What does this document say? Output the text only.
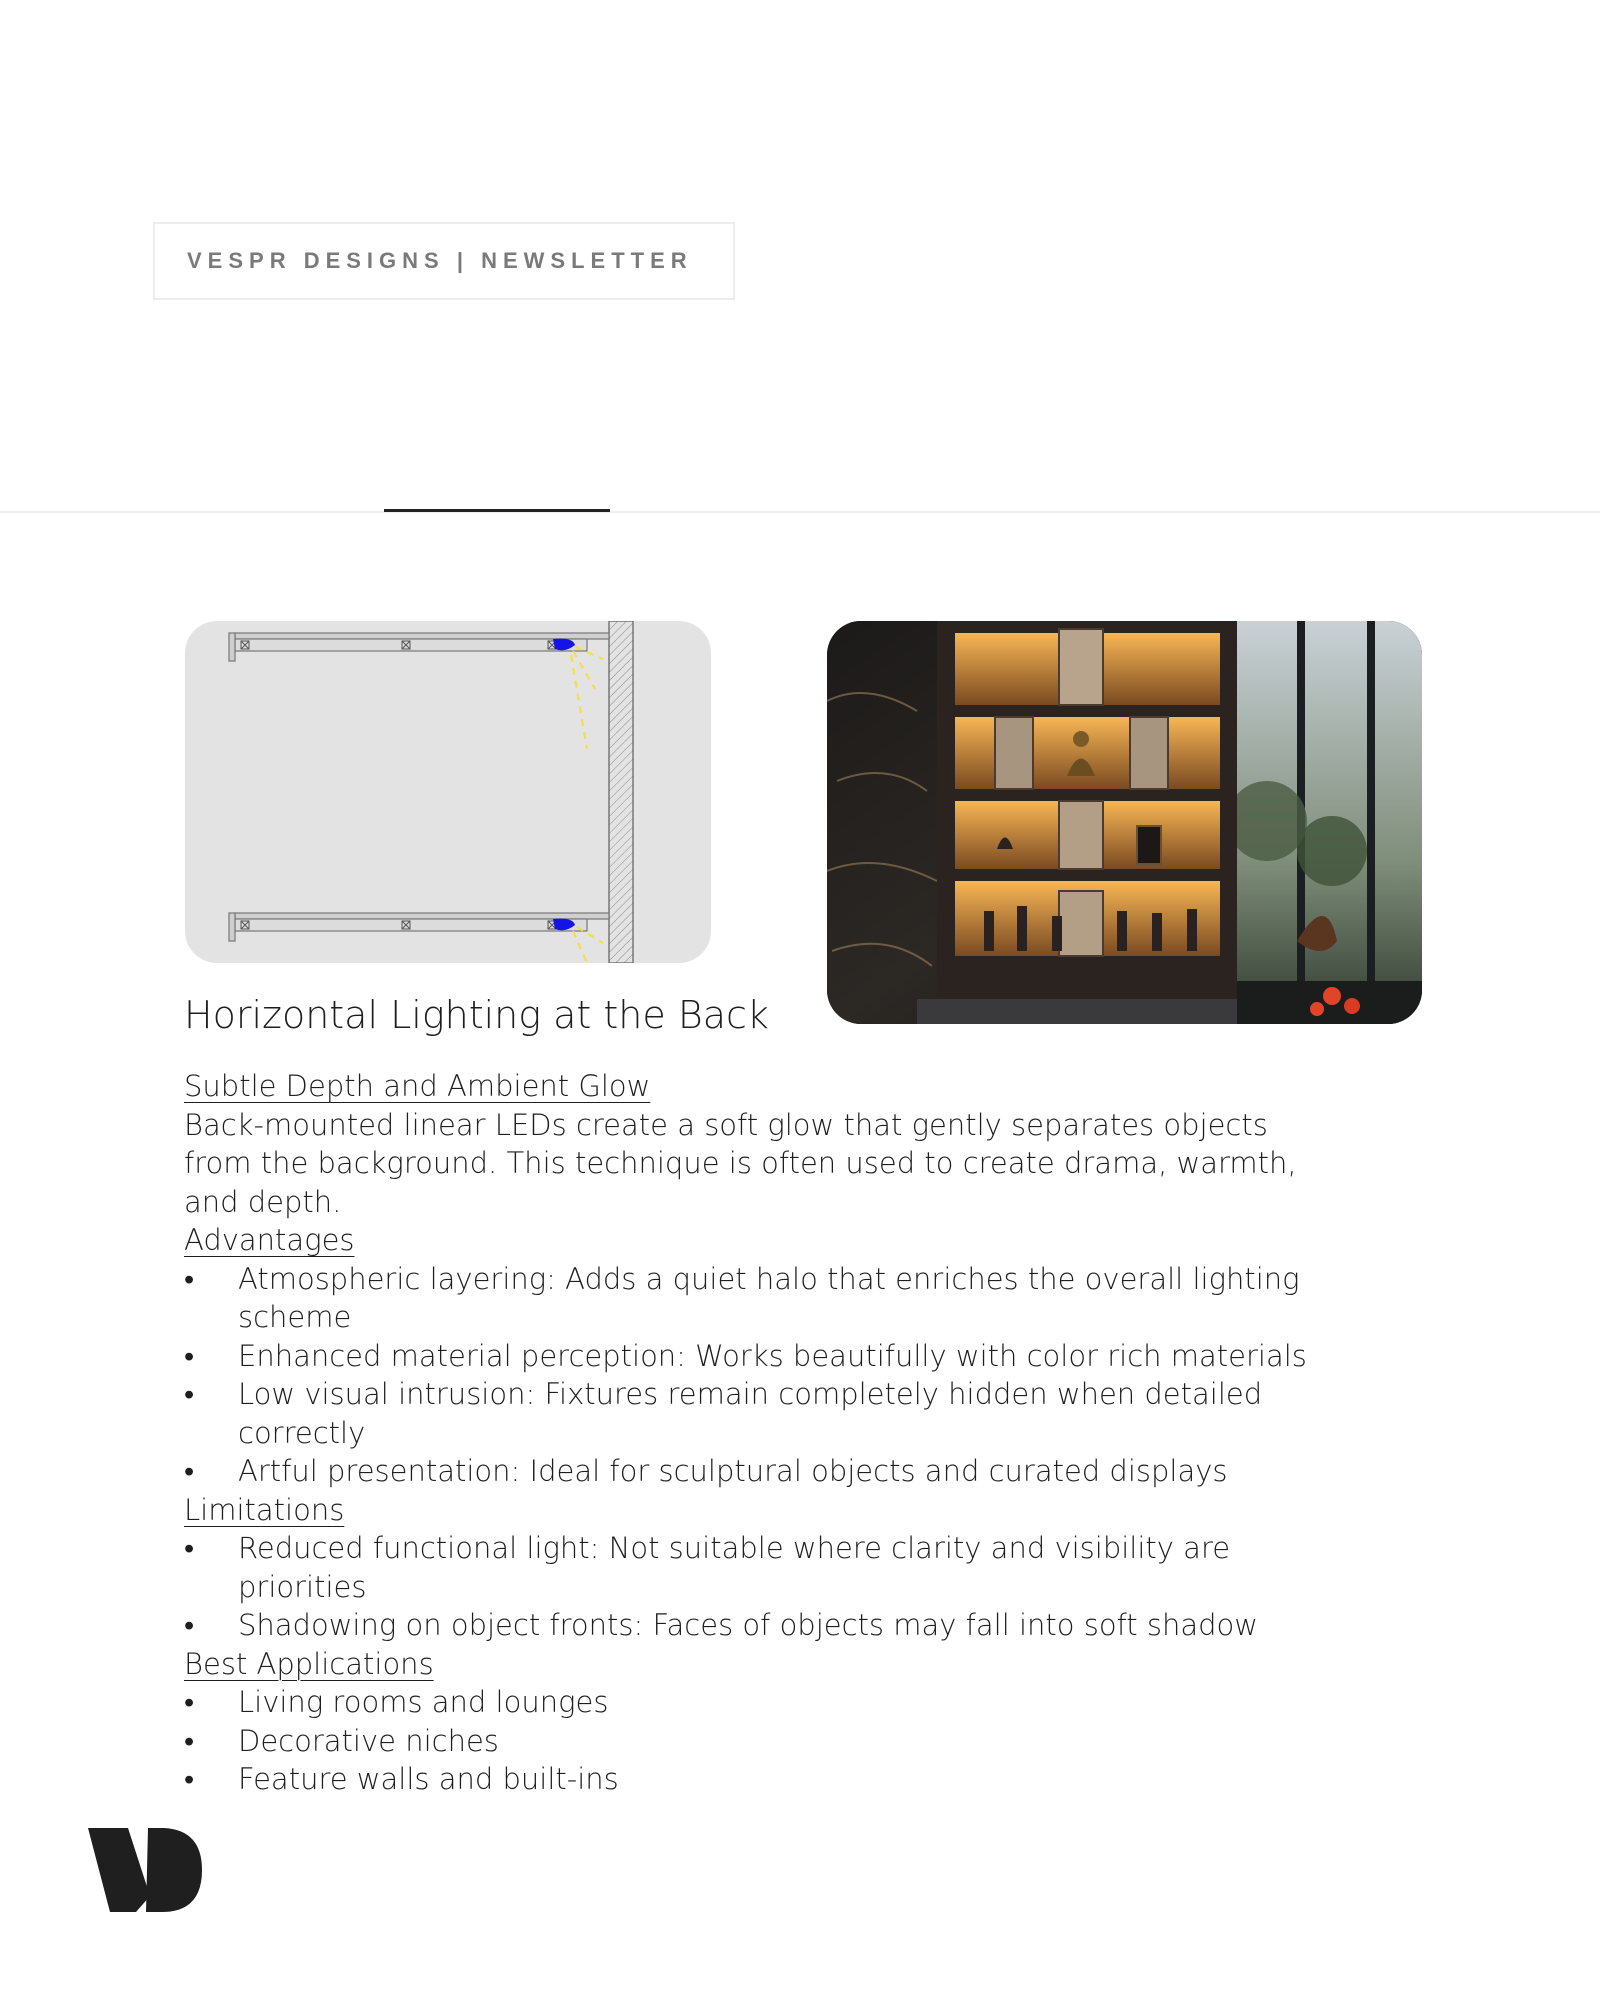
VESPR DESIGNS | NEWSLETTER
Horizontal Lighting at the Back

Subtle Depth and Ambient Glow

Back-mounted linear LEDs create a soft glow that gently separates objects from the background. This technique is often used to create drama, warmth, and depth.

Advantages

• Atmospheric layering: Adds a quiet halo that enriches the overall lighting scheme

• Enhanced material perception: Works beautifully with color rich materials

• Low visual intrusion: Fixtures remain completely hidden when detailed correctly

• Artful presentation: Ideal for sculptural objects and curated displays

Limitations

• Reduced functional light: Not suitable where clarity and visibility are priorities

• Shadowing on object fronts: Faces of objects may fall into soft shadow

Best Applications

• Living rooms and lounges

• Decorative niches

• Feature walls and built-ins
